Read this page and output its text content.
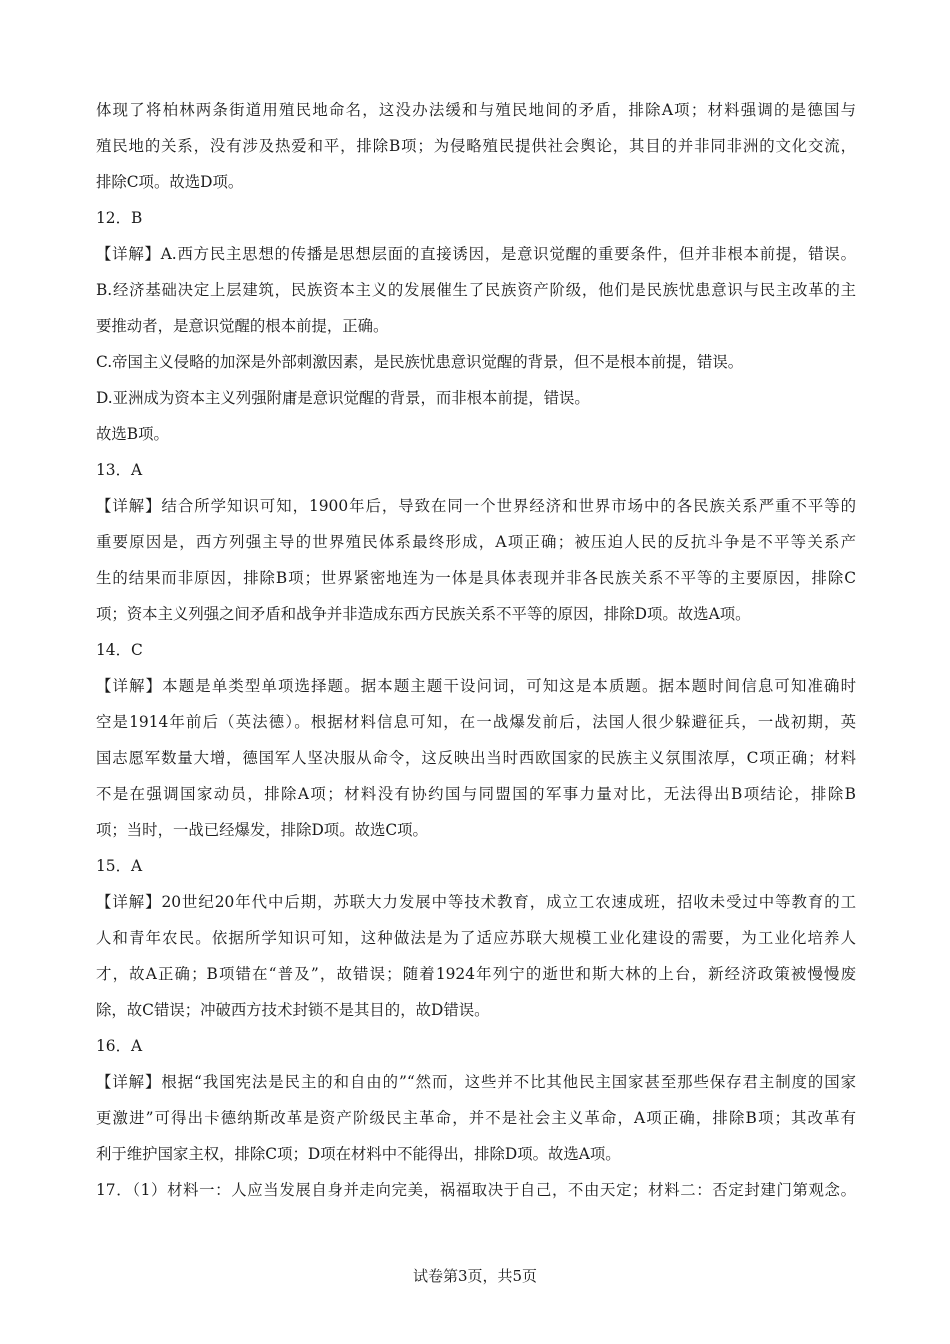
体现了将柏林两条街道用殖民地命名，这没办法缓和与殖民地间的矛盾，排除A项；材料强调的是德国与
殖民地的关系，没有涉及热爱和平，排除B项；为侵略殖民提供社会舆论，其目的并非同非洲的文化交流，
排除C项。故选D项。
12．B
【详解】A.西方民主思想的传播是思想层面的直接诱因，是意识觉醒的重要条件，但并非根本前提，错误。
B.经济基础决定上层建筑，民族资本主义的发展催生了民族资产阶级，他们是民族忧患意识与民主改革的主
要推动者，是意识觉醒的根本前提，正确。
C.帝国主义侵略的加深是外部刺激因素，是民族忧患意识觉醒的背景，但不是根本前提，错误。
D.亚洲成为资本主义列强附庸是意识觉醒的背景，而非根本前提，错误。
故选B项。
13．A
【详解】结合所学知识可知，1900年后，导致在同一个世界经济和世界市场中的各民族关系严重不平等的
重要原因是，西方列强主导的世界殖民体系最终形成，A项正确；被压迫人民的反抗斗争是不平等关系产
生的结果而非原因，排除B项；世界紧密地连为一体是具体表现并非各民族关系不平等的主要原因，排除C
项；资本主义列强之间矛盾和战争并非造成东西方民族关系不平等的原因，排除D项。故选A项。
14．C
【详解】本题是单类型单项选择题。据本题主题干设问词，可知这是本质题。据本题时间信息可知准确时
空是1914年前后（英法德）。根据材料信息可知，在一战爆发前后，法国人很少躲避征兵，一战初期，英
国志愿军数量大增，德国军人坚决服从命令，这反映出当时西欧国家的民族主义氛围浓厚，C项正确；材料
不是在强调国家动员，排除A项；材料没有协约国与同盟国的军事力量对比，无法得出B项结论，排除B
项；当时，一战已经爆发，排除D项。故选C项。
15．A
【详解】20世纪20年代中后期，苏联大力发展中等技术教育，成立工农速成班，招收未受过中等教育的工
人和青年农民。依据所学知识可知，这种做法是为了适应苏联大规模工业化建设的需要，为工业化培养人
才，故A正确；B项错在“普及”，故错误；随着1924年列宁的逝世和斯大林的上台，新经济政策被慢慢废
除，故C错误；冲破西方技术封锁不是其目的，故D错误。
16．A
【详解】根据“我国宪法是民主的和自由的”“然而，这些并不比其他民主国家甚至那些保存君主制度的国家
更激进”可得出卡德纳斯改革是资产阶级民主革命，并不是社会主义革命，A项正确，排除B项；其改革有
利于维护国家主权，排除C项；D项在材料中不能得出，排除D项。故选A项。
17．（1）材料一：人应当发展自身并走向完美，祸福取决于自己，不由天定；材料二：否定封建门第观念。
试卷第3页，共5页
